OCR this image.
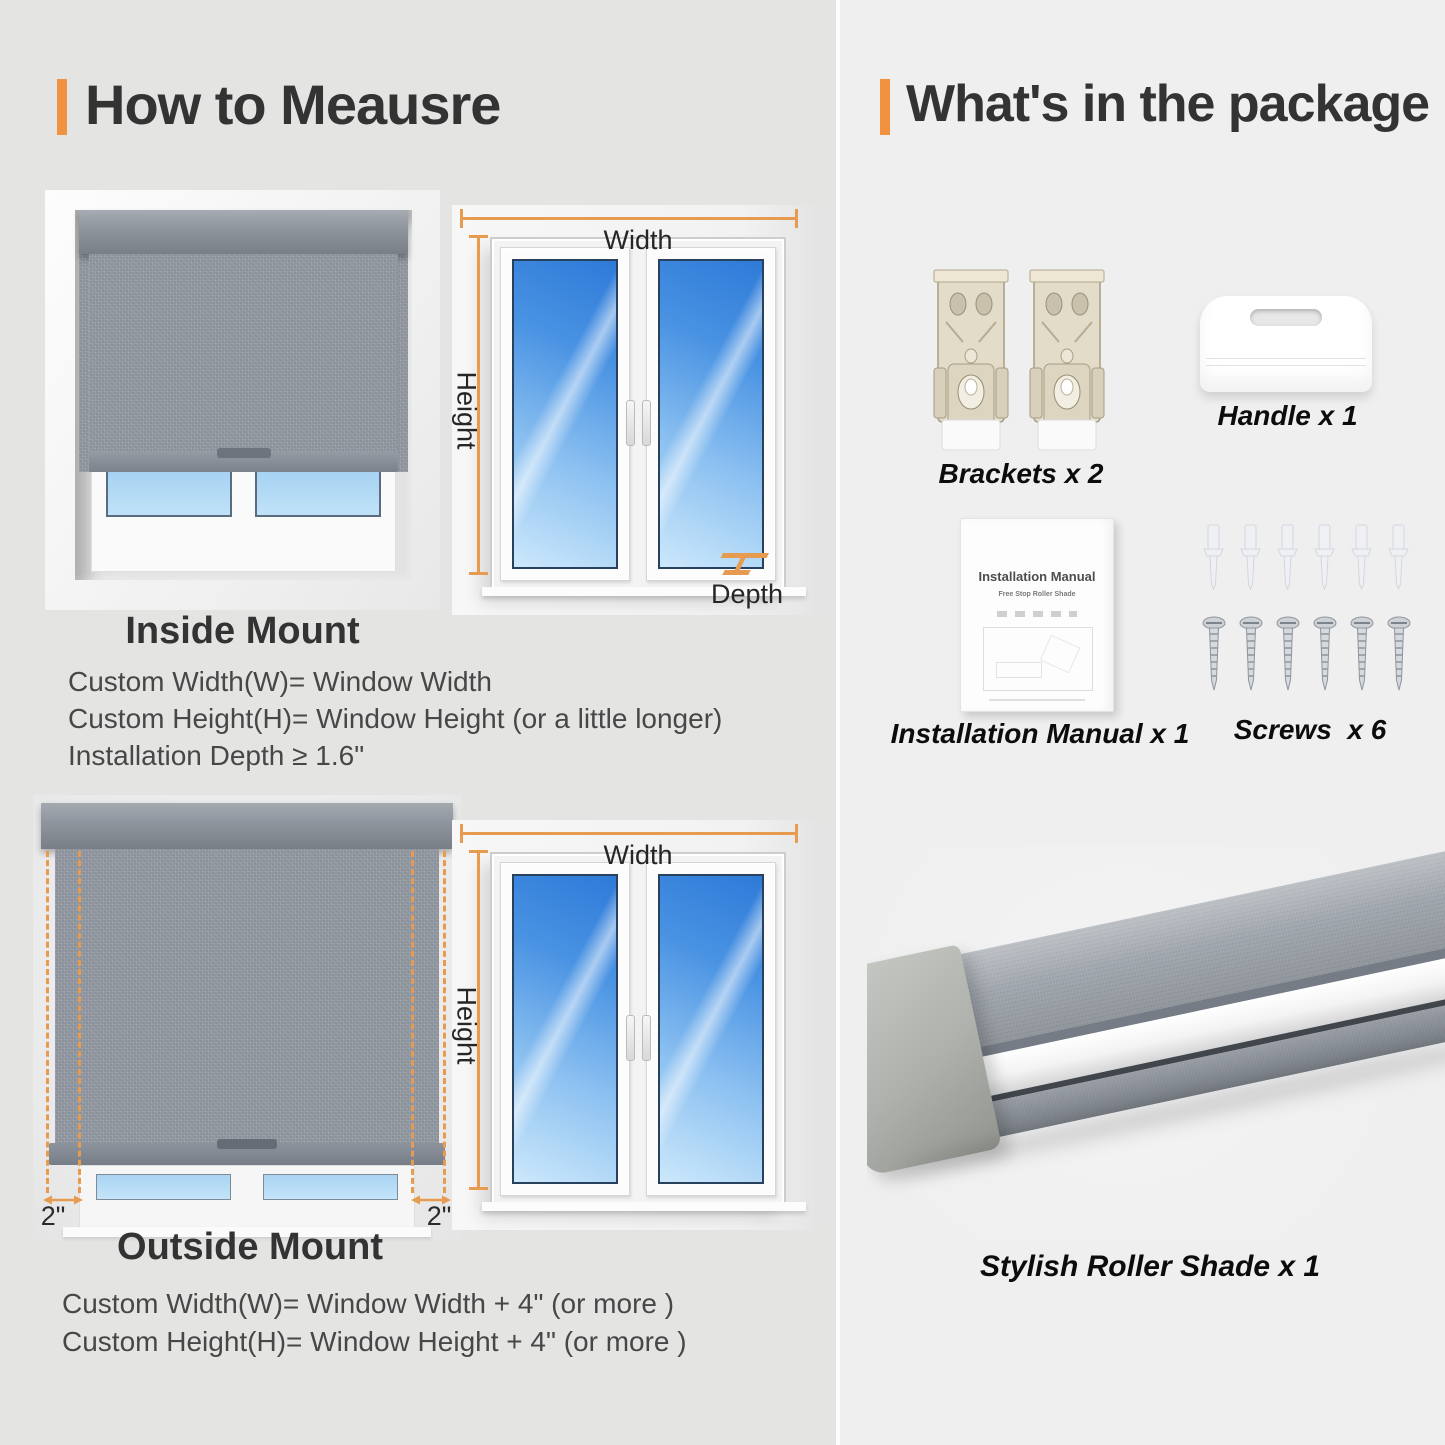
How to Meausre
Width
Height
Depth
Inside Mount

Custom Width(W)= Window Width

Custom Height(H)= Window Height (or a little longer)

Installation Depth ≥ 1.6"

2"	2"
Width
Height
Outside Mount

Custom Width(W)= Window Width + 4" (or more )

Custom Height(H)= Window Height + 4" (or more )

What's in the package

Brackets x 2

Handle x 1

Installation Manual
Free Stop Roller Shade

Installation Manual x 1	Screws  x 6

Stylish Roller Shade x 1
